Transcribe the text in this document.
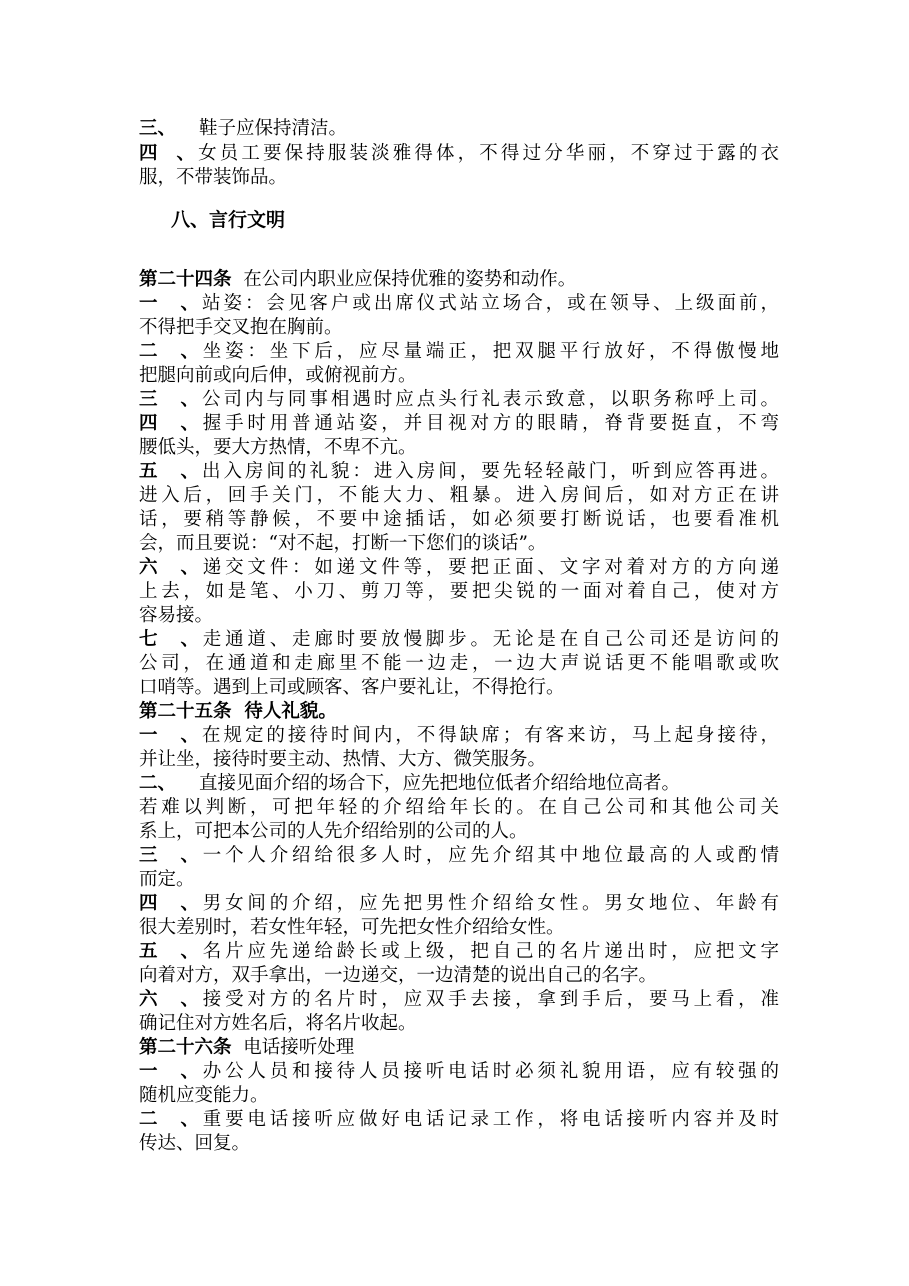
三、 鞋子应保持清洁。
四、女员工要保持服装淡雅得体，不得过分华丽，不穿过于露的衣
服，不带装饰品。
八、言行文明
第二十四条 在公司内职业应保持优雅的姿势和动作。
一、站姿：会见客户或出席仪式站立场合，或在领导、上级面前，
不得把手交叉抱在胸前。
二、坐姿：坐下后，应尽量端正，把双腿平行放好，不得傲慢地
把腿向前或向后伸，或俯视前方。
三、公司内与同事相遇时应点头行礼表示致意，以职务称呼上司。
四、握手时用普通站姿，并目视对方的眼睛，脊背要挺直，不弯
腰低头，要大方热情，不卑不亢。
五、出入房间的礼貌：进入房间，要先轻轻敲门，听到应答再进。
进入后，回手关门，不能大力、粗暴。进入房间后，如对方正在讲
话，要稍等静候，不要中途插话，如必须要打断说话，也要看准机
会，而且要说：“对不起，打断一下您们的谈话”。
六、递交文件：如递文件等，要把正面、文字对着对方的方向递
上去，如是笔、小刀、剪刀等，要把尖锐的一面对着自己，使对方
容易接。
七、走通道、走廊时要放慢脚步。无论是在自己公司还是访问的
公司，在通道和走廊里不能一边走，一边大声说话更不能唱歌或吹
口哨等。遇到上司或顾客、客户要礼让，不得抢行。
第二十五条 待人礼貌。
一、在规定的接待时间内，不得缺席；有客来访，马上起身接待，
并让坐，接待时要主动、热情、大方、微笑服务。
二、 直接见面介绍的场合下，应先把地位低者介绍给地位高者。
若难以判断，可把年轻的介绍给年长的。在自己公司和其他公司关
系上，可把本公司的人先介绍给别的公司的人。
三、一个人介绍给很多人时，应先介绍其中地位最高的人或酌情
而定。
四、男女间的介绍，应先把男性介绍给女性。男女地位、年龄有
很大差别时，若女性年轻，可先把女性介绍给女性。
五、名片应先递给龄长或上级，把自己的名片递出时，应把文字
向着对方，双手拿出，一边递交，一边清楚的说出自己的名字。
六、接受对方的名片时，应双手去接，拿到手后，要马上看，准
确记住对方姓名后，将名片收起。
第二十六条 电话接听处理
一、办公人员和接待人员接听电话时必须礼貌用语，应有较强的
随机应变能力。
二、重要电话接听应做好电话记录工作，将电话接听内容并及时
传达、回复。
